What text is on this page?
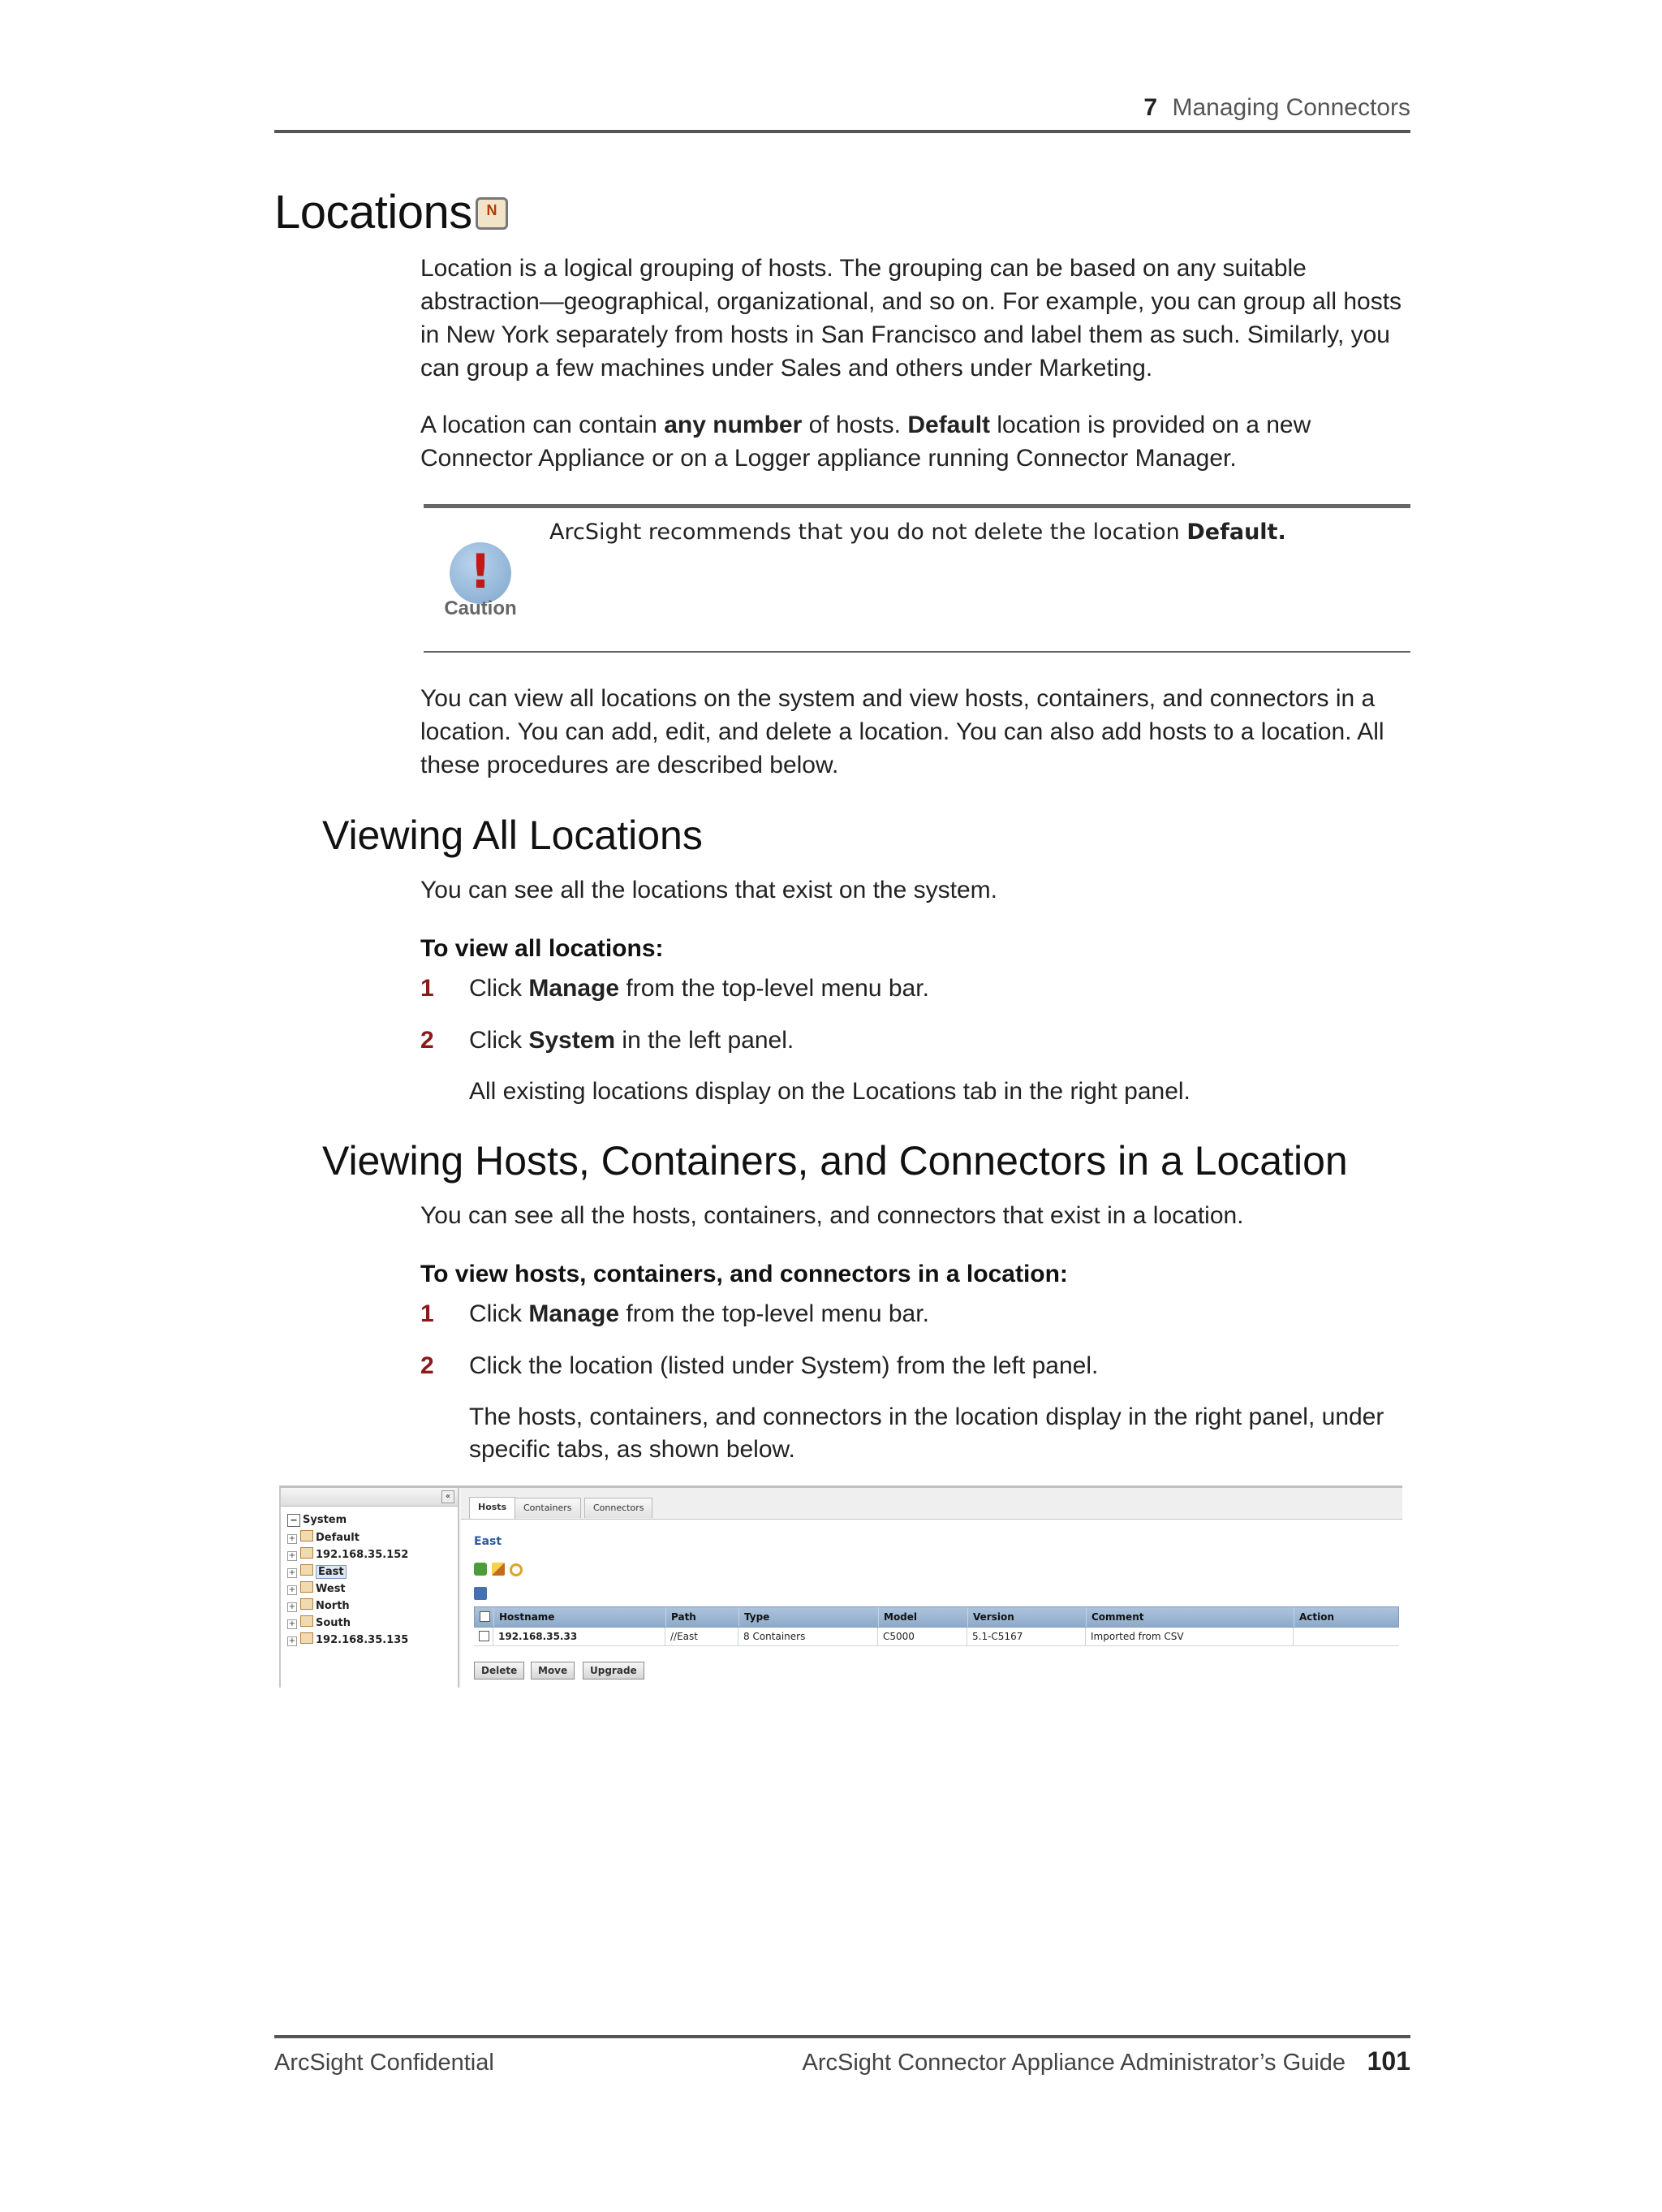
7 Managing Connectors
Locations N

Location is a logical grouping of hosts. The grouping can be based on any suitable abstraction—geographical, organizational, and so on. For example, you can group all hosts in New York separately from hosts in San Francisco and label them as such. Similarly, you can group a few machines under Sales and others under Marketing.

A location can contain any number of hosts. Default location is provided on a new Connector Appliance or on a Logger appliance running Connector Manager.

!
Caution
ArcSight recommends that you do not delete the location Default.

You can view all locations on the system and view hosts, containers, and connectors in a location. You can add, edit, and delete a location. You can also add hosts to a location. All these procedures are described below.

Viewing All Locations

You can see all the locations that exist on the system.

To view all locations:

1 Click Manage from the top-level menu bar.
2 Click System in the left panel.
All existing locations display on the Locations tab in the right panel.
Viewing Hosts, Containers, and Connectors in a Location

You can see all the hosts, containers, and connectors that exist in a location.

To view hosts, containers, and connectors in a location:

1 Click Manage from the top-level menu bar.
2 Click the location (listed under System) from the left panel.
The hosts, containers, and connectors in the location display in the right panel, under specific tabs, as shown below.
«
− System
+ Default
+ 192.168.35.152
+ East
+ West
+ North
+ South
+ 192.168.35.135
Hosts	Containers	Connectors
East
Hostname	Path	Type	Model	Version	Comment	Action
192.168.35.33	//East	8 Containers	C5000	5.1-C5167	Imported from CSV
Delete	Move	Upgrade
ArcSight Confidential	ArcSight Connector Appliance Administrator’s Guide 101
